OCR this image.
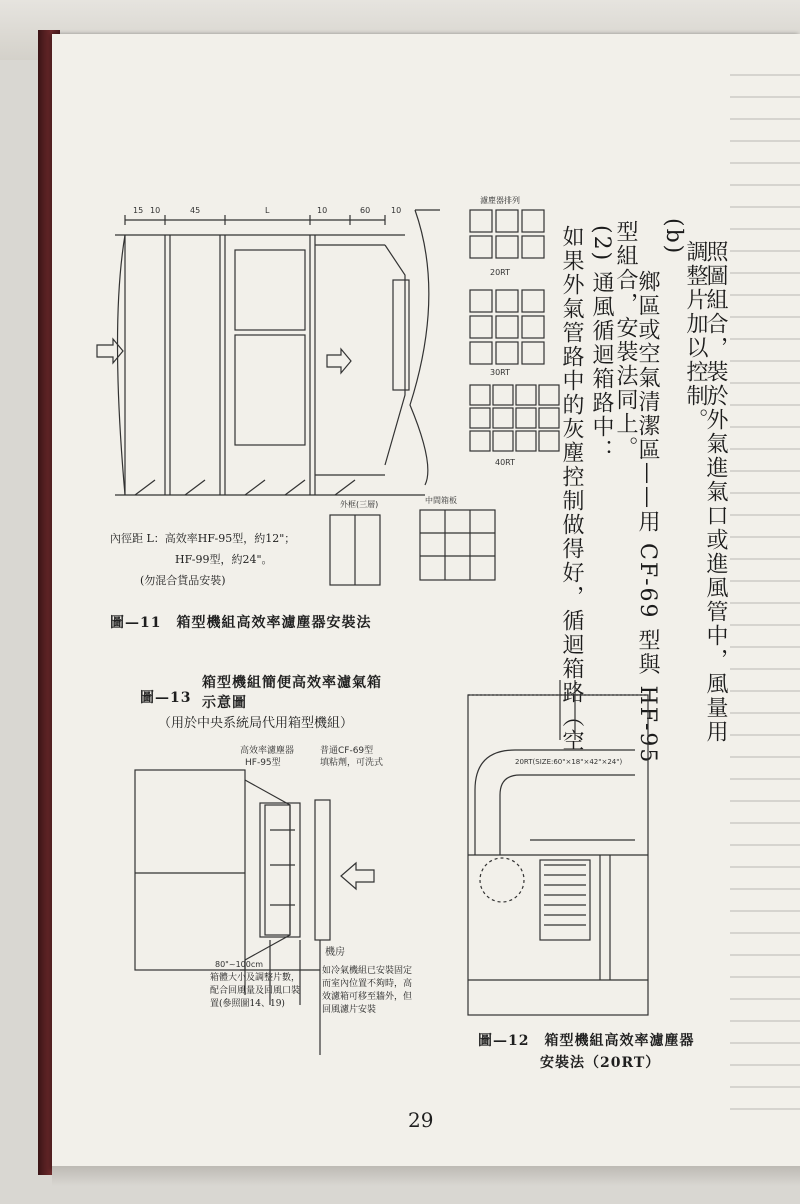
照圖組合，裝於外氣進氣口或進風管中，風量用
調整片加以控制。
(b)
鄉區或空氣清潔區——用 CF-69 型與 HF-95
型組合，安裝法同上。
(2) 通風循迴箱路中：
如果外氣管路中的灰塵控制做得好，循迴箱路（空
15 10	45	L	10	60	10
濾塵器排列
20RT
30RT
40RT
中間箱板
外框(三層)
內徑距 L：高效率HF-95型，約12"；
HF-99型，約24"。
(勿混合貨品安裝)
圖—11　箱型機組高效率濾塵器安裝法
圖—13
箱型機組簡便高效率濾氣箱
示意圖
（用於中央系統局代用箱型機組）
高效率濾塵器
HF-95型
普通CF-69型
填粘劑，可洗式
80"~100cm
機房
箱體大小及調整片數，配合回風量及回風口裝置(參照圖14、19)
如冷氣機組已安裝固定而室內位置不夠時，高效濾箱可移至牆外，但回風濾片安裝
20RT(SIZE:60"×18"×42"×24")
圖—12　箱型機組高效率濾塵器
安裝法（20RT）
29
